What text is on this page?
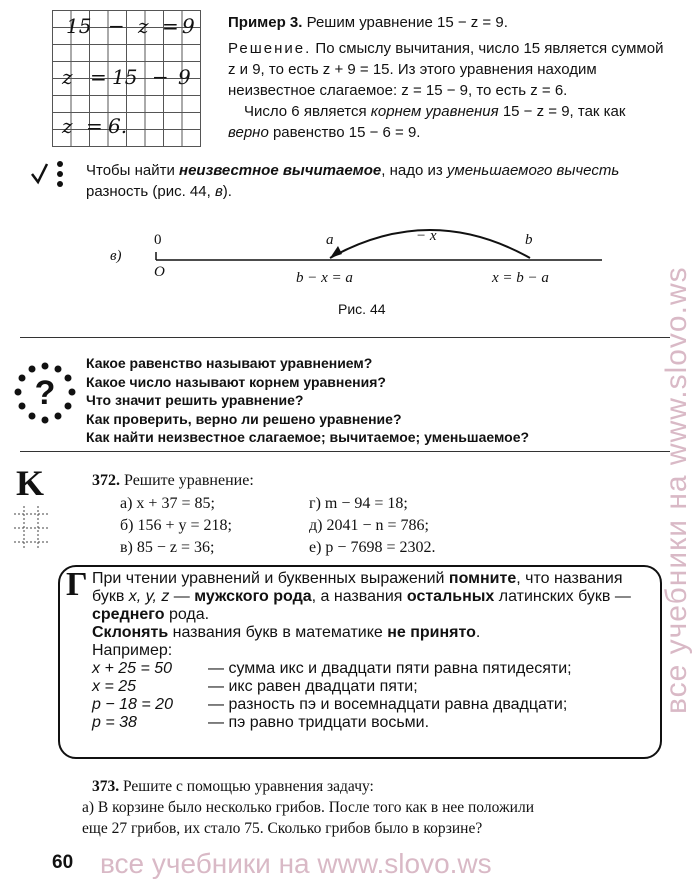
15 − z = 9
z = 15 − 9
z = 6.

Пример 3. Решим уравнение 15 − z = 9.

Решение. По смыслу вычитания, число 15 является суммой z и 9, то есть z + 9 = 15. Из этого уравнения находим неизвестное слагаемое: z = 15 − 9, то есть z = 6.

Число 6 является корнем уравнения 15 − z = 9, так как верно равенство 15 − 6 = 9.

Чтобы найти неизвестное вычитаемое, надо из уменьшаемого вычесть
разность (рис. 44, в).
в)
0
O
a	b
− x
b − x = a	x = b − a
Рис. 44
?
Какое равенство называют уравнением?
Какое число называют корнем уравнения?
Что значит решить уравнение?
Как проверить, верно ли решено уравнение?
Как найти неизвестное слагаемое; вычитаемое; уменьшаемое?
K	372. Решите уравнение:
а) x + 37 = 85;
б) 156 + y = 218;
в) 85 − z = 36;
г) m − 94 = 18;
д) 2041 − n = 786;
е) p − 7698 = 2302.
Г При чтении уравнений и буквенных выражений помните, что названия
букв x, y, z — мужского рода, а названия остальных латинских букв —
среднего рода.
Склонять названия букв в математике не принято.
Например:
x + 25 = 50 — сумма икс и двадцати пяти равна пятидесяти;
x = 25	— икс равен двадцати пяти;
p − 18 = 20 — разность пэ и восемнадцати равна двадцати;
p = 38	— пэ равно тридцати восьми.
373. Решите с помощью уравнения задачу:
а) В корзине было несколько грибов. После того как в нее положили
еще 27 грибов, их стало 75. Сколько грибов было в корзине?
60 все учебники на www.slovo.ws
все учебники на www.slovo.ws
